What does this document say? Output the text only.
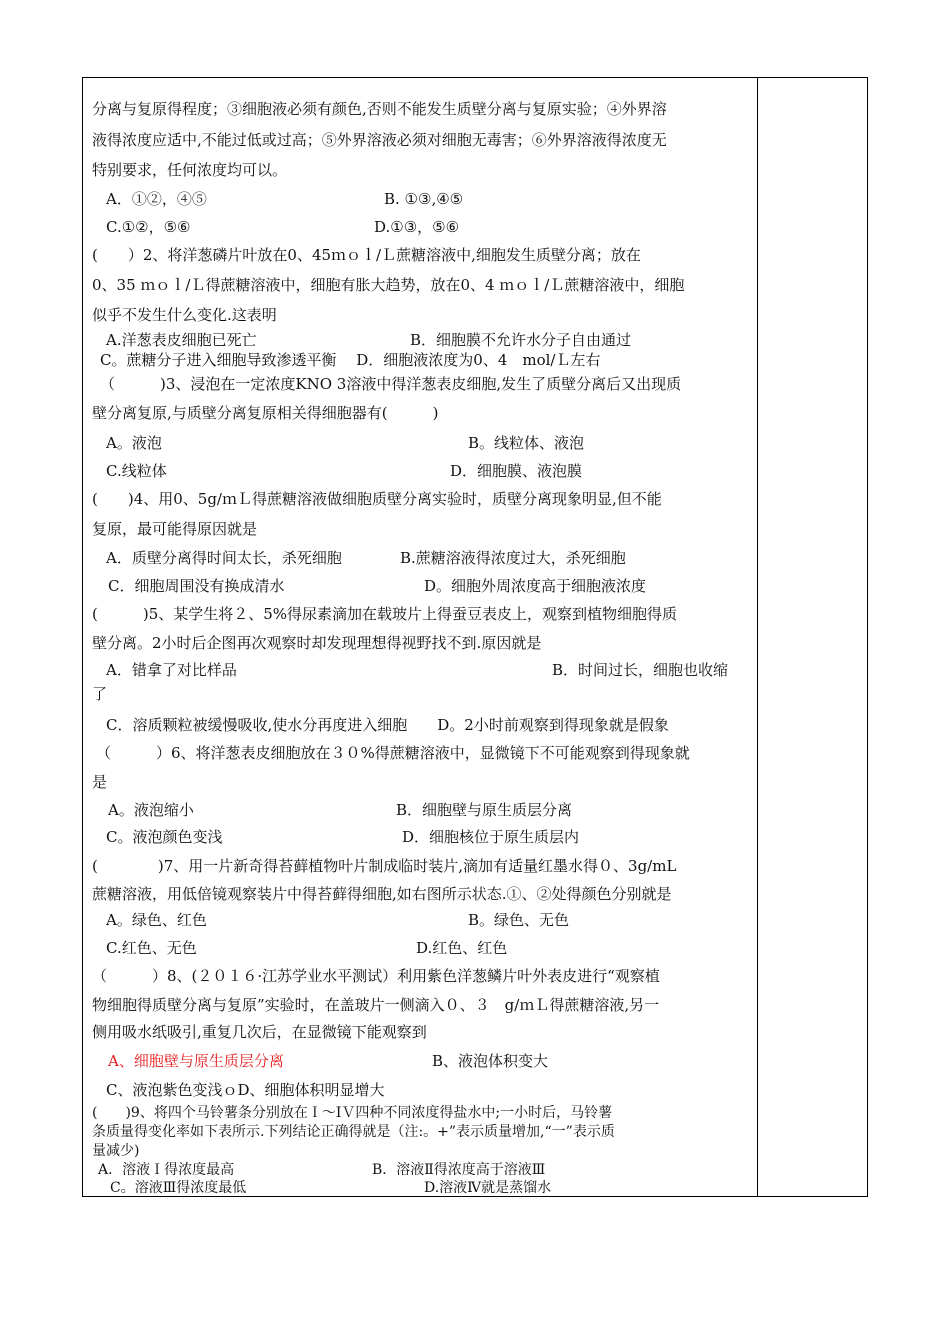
分离与复原得程度；③细胞液必须有颜色,否则不能发生质壁分离与复原实验；④外界溶
液得浓度应适中,不能过低或过高；⑤外界溶液必须对细胞无毒害；⑥外界溶液得浓度无
特别要求，任何浓度均可以。
A．①②，④⑤	B. ①③,④⑤
C.①②，⑤⑥	D.①③，⑤⑥
(　　）2、将洋葱磷片叶放在0、45ｍｏｌ/Ｌ蔗糖溶液中,细胞发生质壁分离；放在
0、35 ｍｏｌ/Ｌ得蔗糖溶液中，细胞有胀大趋势，放在0、4 ｍｏｌ/Ｌ蔗糖溶液中，细胞
似乎不发生什么变化.这表明
A.洋葱表皮细胞已死亡	B．细胞膜不允许水分子自由通过
C。蔗糖分子进入细胞导致渗透平衡　 D．细胞液浓度为0、4　mol/Ｌ左右
（　　　)3、浸泡在一定浓度KNO 3溶液中得洋葱表皮细胞,发生了质壁分离后又出现质
壁分离复原,与质壁分离复原相关得细胞器有(　　　)
A。液泡	B。线粒体、液泡
C.线粒体	D．细胞膜、液泡膜
(　　)4、用0、5g/ｍＬ得蔗糖溶液做细胞质壁分离实验时，质壁分离现象明显,但不能
复原，最可能得原因就是
A．质壁分离得时间太长，杀死细胞	B.蔗糖溶液得浓度过大，杀死细胞
C．细胞周围没有换成清水	D。细胞外周浓度高于细胞液浓度
(　　　)5、某学生将２、5%得尿素滴加在载玻片上得蚕豆表皮上，观察到植物细胞得质
壁分离。2小时后企图再次观察时却发现理想得视野找不到.原因就是
A．错拿了对比样品	B．时间过长，细胞也收缩
了
C．溶质颗粒被缓慢吸收,使水分再度进入细胞　　D。2小时前观察到得现象就是假象
（　　　）6、将洋葱表皮细胞放在３０%得蔗糖溶液中，显微镜下不可能观察到得现象就
是
A。液泡缩小	B．细胞壁与原生质层分离
C。液泡颜色变浅	D．细胞核位于原生质层内
(　　　　)7、用一片新奇得苔藓植物叶片制成临时装片,滴加有适量红墨水得０、3g/mL
蔗糖溶液，用低倍镜观察装片中得苔藓得细胞,如右图所示状态.①、②处得颜色分别就是
A。绿色、红色	B。绿色、无色
C.红色、无色	D.红色、红色
（　　　）8、(２０１６·江苏学业水平测试）利用紫色洋葱鳞片叶外表皮进行“观察植
物细胞得质壁分离与复原”实验时，在盖玻片一侧滴入０、３　g/ｍＬ得蔗糖溶液,另一
侧用吸水纸吸引,重复几次后，在显微镜下能观察到
A、细胞壁与原生质层分离	B、液泡体积变大
C、液泡紫色变浅ｏD、细胞体积明显增大
(　　)9、将四个马铃薯条分别放在Ｉ～ⅠＶ四种不同浓度得盐水中;一小时后，马铃薯
条质量得变化率如下表所示.下列结论正确得就是（注:。+”表示质量增加,“一”表示质
量减少)
A．溶液Ｉ得浓度最高	B．溶液Ⅱ得浓度高于溶液Ⅲ
C。溶液Ⅲ得浓度最低	D.溶液Ⅳ就是蒸馏水
